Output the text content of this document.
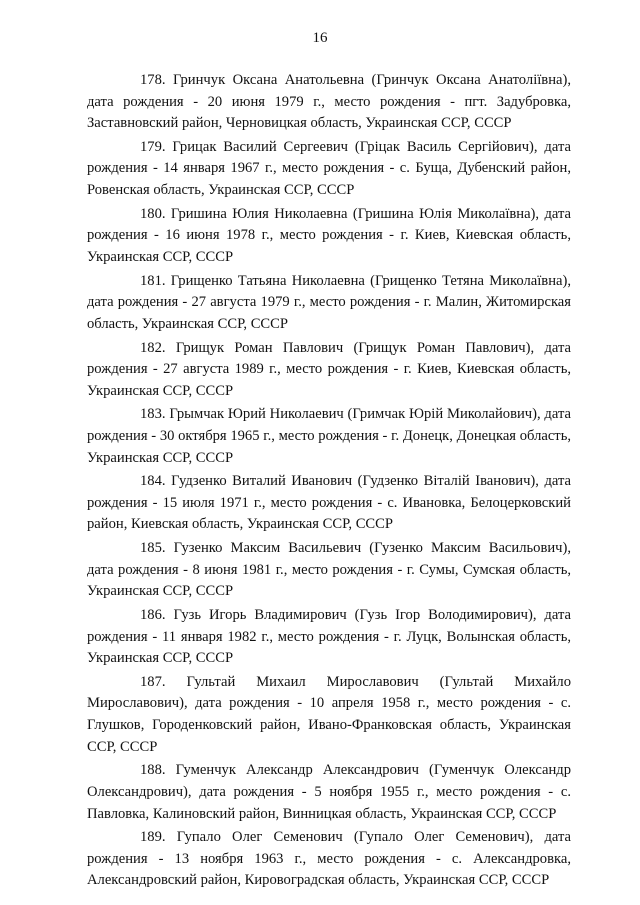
16

178. Гринчук Оксана Анатольевна (Гринчук Оксана Анатоліївна), дата рождения - 20 июня 1979 г., место рождения - пгт. Задубровка, Заставновский район, Черновицкая область, Украинская ССР, СССР

179. Грицак Василий Сергеевич (Грiцак Василь Сергiйович), дата рождения - 14 января 1967 г., место рождения - с. Буща, Дубенский район, Ровенская область, Украинская ССР, СССР

180. Гришина Юлия Николаевна (Гришина Юлiя Миколаївна), дата рождения - 16 июня 1978 г., место рождения - г. Киев, Киевская область, Украинская ССР, СССР

181. Грищенко Татьяна Николаевна (Грищенко Тетяна Миколаївна), дата рождения - 27 августа 1979 г., место рождения - г. Малин, Житомирская область, Украинская ССР, СССР

182. Грищук Роман Павлович (Грищук Роман Павлович), дата рождения - 27 августа 1989 г., место рождения - г. Киев, Киевская область, Украинская ССР, СССР

183. Грымчак Юрий Николаевич (Гримчак Юрiй Миколайович), дата рождения - 30 октября 1965 г., место рождения - г. Донецк, Донецкая область, Украинская ССР, СССР

184. Гудзенко Виталий Иванович (Гудзенко Вiталiй Iванович), дата рождения - 15 июля 1971 г., место рождения - с. Ивановка, Белоцерковский район, Киевская область, Украинская ССР, СССР

185. Гузенко Максим Васильевич (Гузенко Максим Васильович), дата рождения - 8 июня 1981 г., место рождения - г. Сумы, Сумская область, Украинская ССР, СССР

186. Гузь Игорь Владимирович (Гузь Iгор Володимирович), дата рождения - 11 января 1982 г., место рождения - г. Луцк, Волынская область, Украинская ССР, СССР

187. Гультай Михаил Мирославович (Гультай Михайло Мирославович), дата рождения - 10 апреля 1958 г., место рождения - с. Глушков, Городенковский район, Ивано-Франковская область, Украинская ССР, СССР

188. Гуменчук Александр Александрович (Гуменчук Олександр Олександрович), дата рождения - 5 ноября 1955 г., место рождения - с. Павловка, Калиновский район, Винницкая область, Украинская ССР, СССР

189. Гупало Олег Семенович (Гупало Олег Семенович), дата рождения - 13 ноября 1963 г., место рождения - с. Александровка, Александровский район, Кировоградская область, Украинская ССР, СССР
